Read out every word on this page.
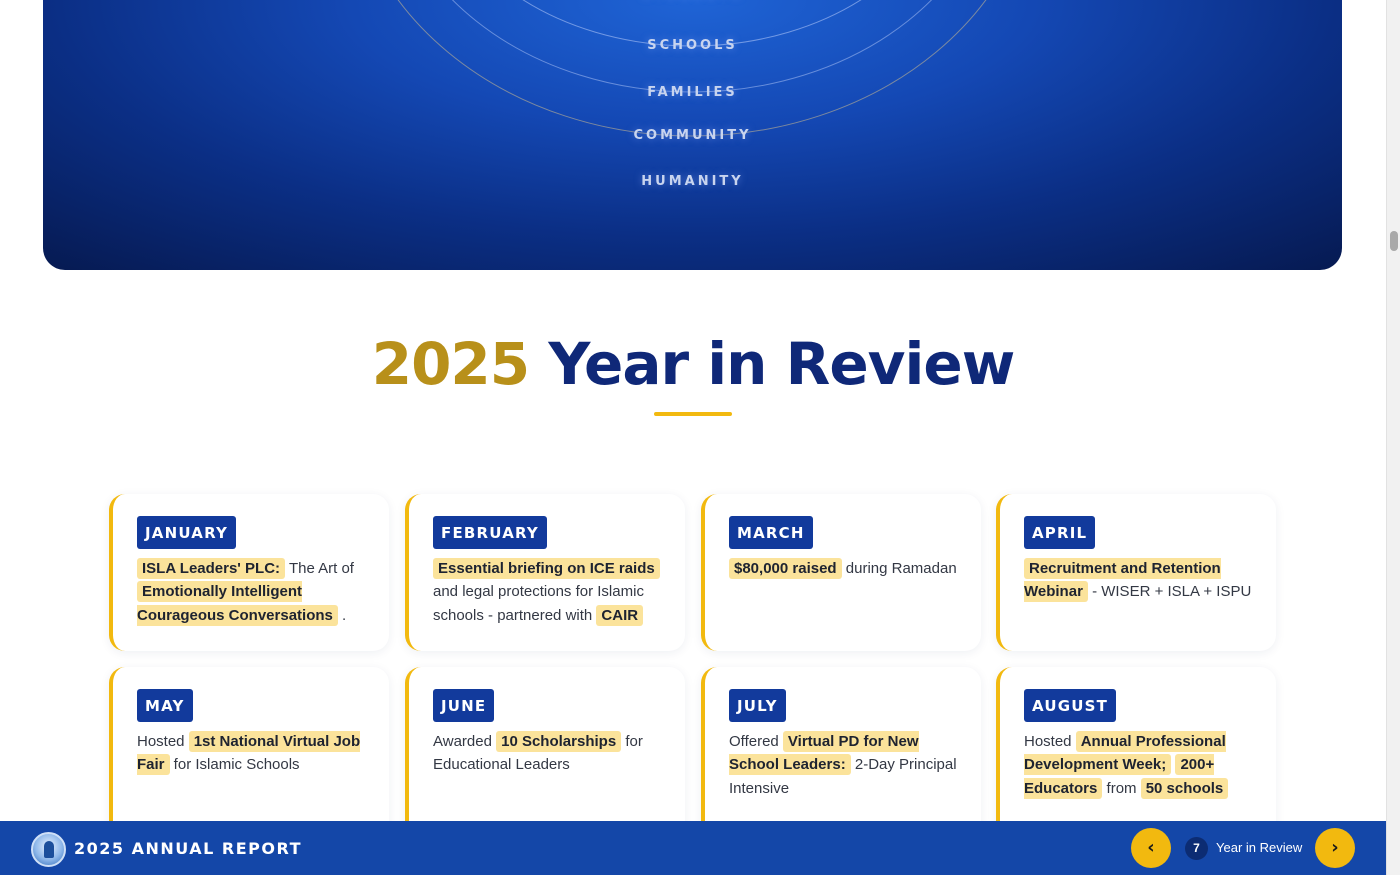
SCHOOLS
FAMILIES
COMMUNITY
HUMANITY
2025 Year in Review
JANUARY
ISLA Leaders' PLC: The Art of Emotionally Intelligent Courageous Conversations .
FEBRUARY
Essential briefing on ICE raids and legal protections for Islamic schools - partnered with CAIR
MARCH
$80,000 raised during Ramadan
APRIL
Recruitment and Retention Webinar - WISER + ISLA + ISPU
MAY
Hosted 1st National Virtual Job Fair for Islamic Schools
JUNE
Awarded 10 Scholarships for Educational Leaders
JULY
Offered Virtual PD for New School Leaders: 2-Day Principal Intensive
AUGUST
Hosted Annual Professional Development Week; 200+ Educators from 50 schools
2025 ANNUAL REPORT	‹	7	Year in Review	›
